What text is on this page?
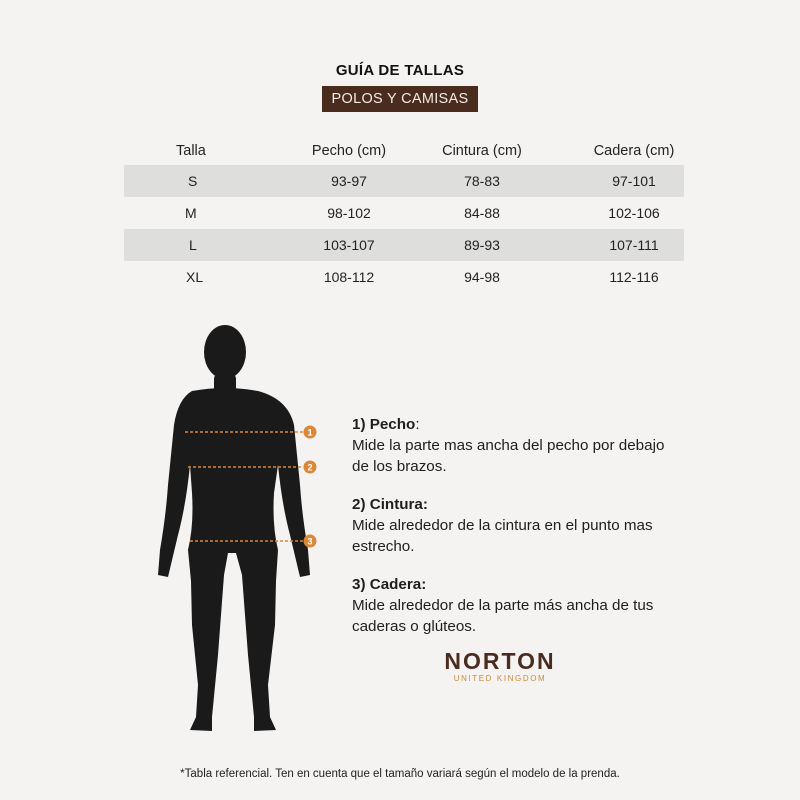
GUÍA DE TALLAS
POLOS Y CAMISAS
Talla	Pecho (cm)	Cintura (cm)	Cadera (cm)
S	93-97	78-83	97-101
M	98-102	84-88	102-106
L	103-107	89-93	107-111
XL	108-112	94-98	112-116
1
2
3
1) Pecho:
Mide la parte mas ancha del pecho por debajo de los brazos.
2) Cintura:
Mide alrededor de la cintura en el punto mas estrecho.
3) Cadera:
Mide alrededor de la parte más ancha de tus caderas o glúteos.
NORTON
UNITED KINGDOM
*Tabla referencial. Ten en cuenta que el tamaño variará según el modelo de la prenda.
